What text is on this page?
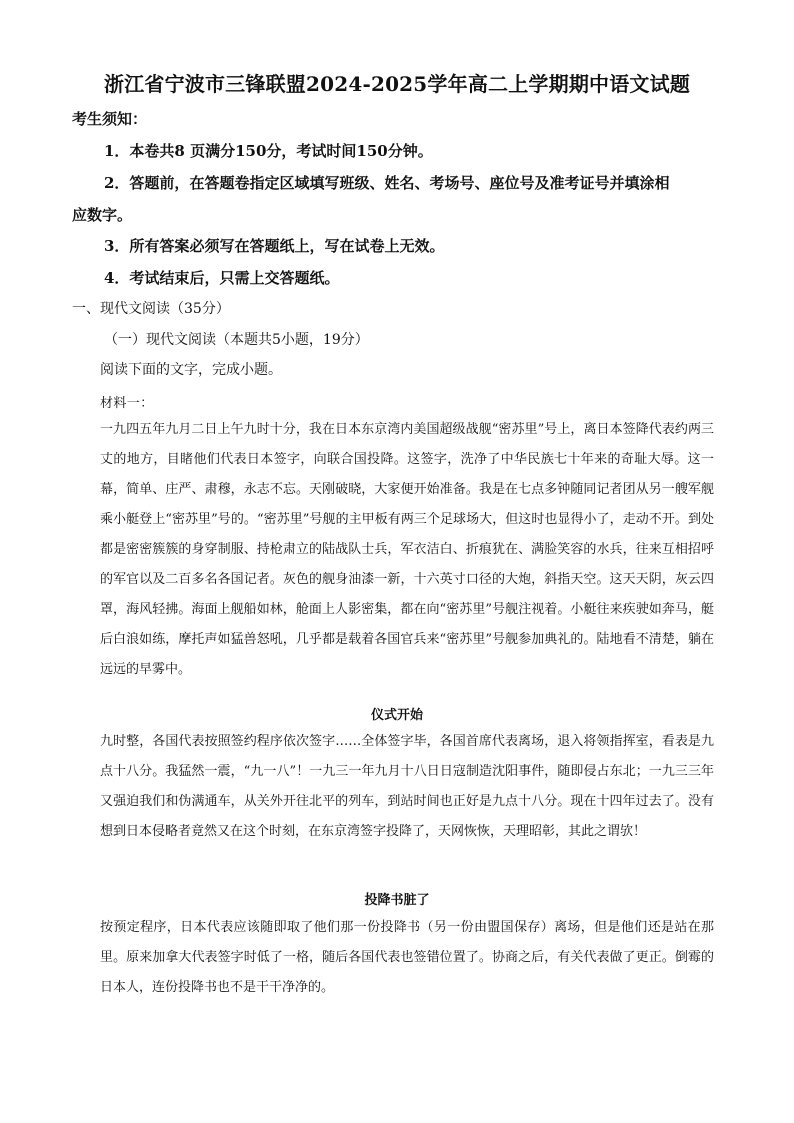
浙江省宁波市三锋联盟2024-2025学年高二上学期期中语文试题
考生须知：
1．本卷共8 页满分150分，考试时间150分钟。
2．答题前，在答题卷指定区域填写班级、姓名、考场号、座位号及准考证号并填涂相
应数字。
3．所有答案必须写在答题纸上，写在试卷上无效。
4．考试结束后，只需上交答题纸。
一、现代文阅读（35分）
（一）现代文阅读（本题共5小题，19分）
阅读下面的文字，完成小题。
材料一：
一九四五年九月二日上午九时十分，我在日本东京湾内美国超级战舰“密苏里”号上，离日本签降代表约两三丈的地方，目睹他们代表日本签字，向联合国投降。这签字，洗净了中华民族七十年来的奇耻大辱。这一幕，简单、庄严、肃穆，永志不忘。天刚破晓，大家便开始准备。我是在七点多钟随同记者团从另一艘军舰乘小艇登上“密苏里”号的。“密苏里”号舰的主甲板有两三个足球场大，但这时也显得小了，走动不开。到处都是密密簇簇的身穿制服、持枪肃立的陆战队士兵，军衣洁白、折痕犹在、满脸笑容的水兵，往来互相招呼的军官以及二百多名各国记者。灰色的舰身油漆一新，十六英寸口径的大炮，斜指天空。这天天阴，灰云四罩，海风轻拂。海面上舰船如林，舱面上人影密集，都在向“密苏里”号舰注视着。小艇往来疾驶如奔马，艇后白浪如练，摩托声如猛兽怒吼，几乎都是载着各国官兵来“密苏里”号舰参加典礼的。陆地看不清楚，躺在远远的早雾中。
仪式开始
九时整，各国代表按照签约程序依次签字……全体签字毕，各国首席代表离场，退入将领指挥室，看表是九点十八分。我猛然一震，“九一八”！一九三一年九月十八日日寇制造沈阳事件，随即侵占东北；一九三三年又强迫我们和伪满通车，从关外开往北平的列车，到站时间也正好是九点十八分。现在十四年过去了。没有想到日本侵略者竟然又在这个时刻，在东京湾签字投降了，天网恢恢，天理昭彰，其此之谓欤！
投降书脏了
按预定程序，日本代表应该随即取了他们那一份投降书（另一份由盟国保存）离场，但是他们还是站在那里。原来加拿大代表签字时低了一格，随后各国代表也签错位置了。协商之后，有关代表做了更正。倒霉的日本人，连份投降书也不是干干净净的。
